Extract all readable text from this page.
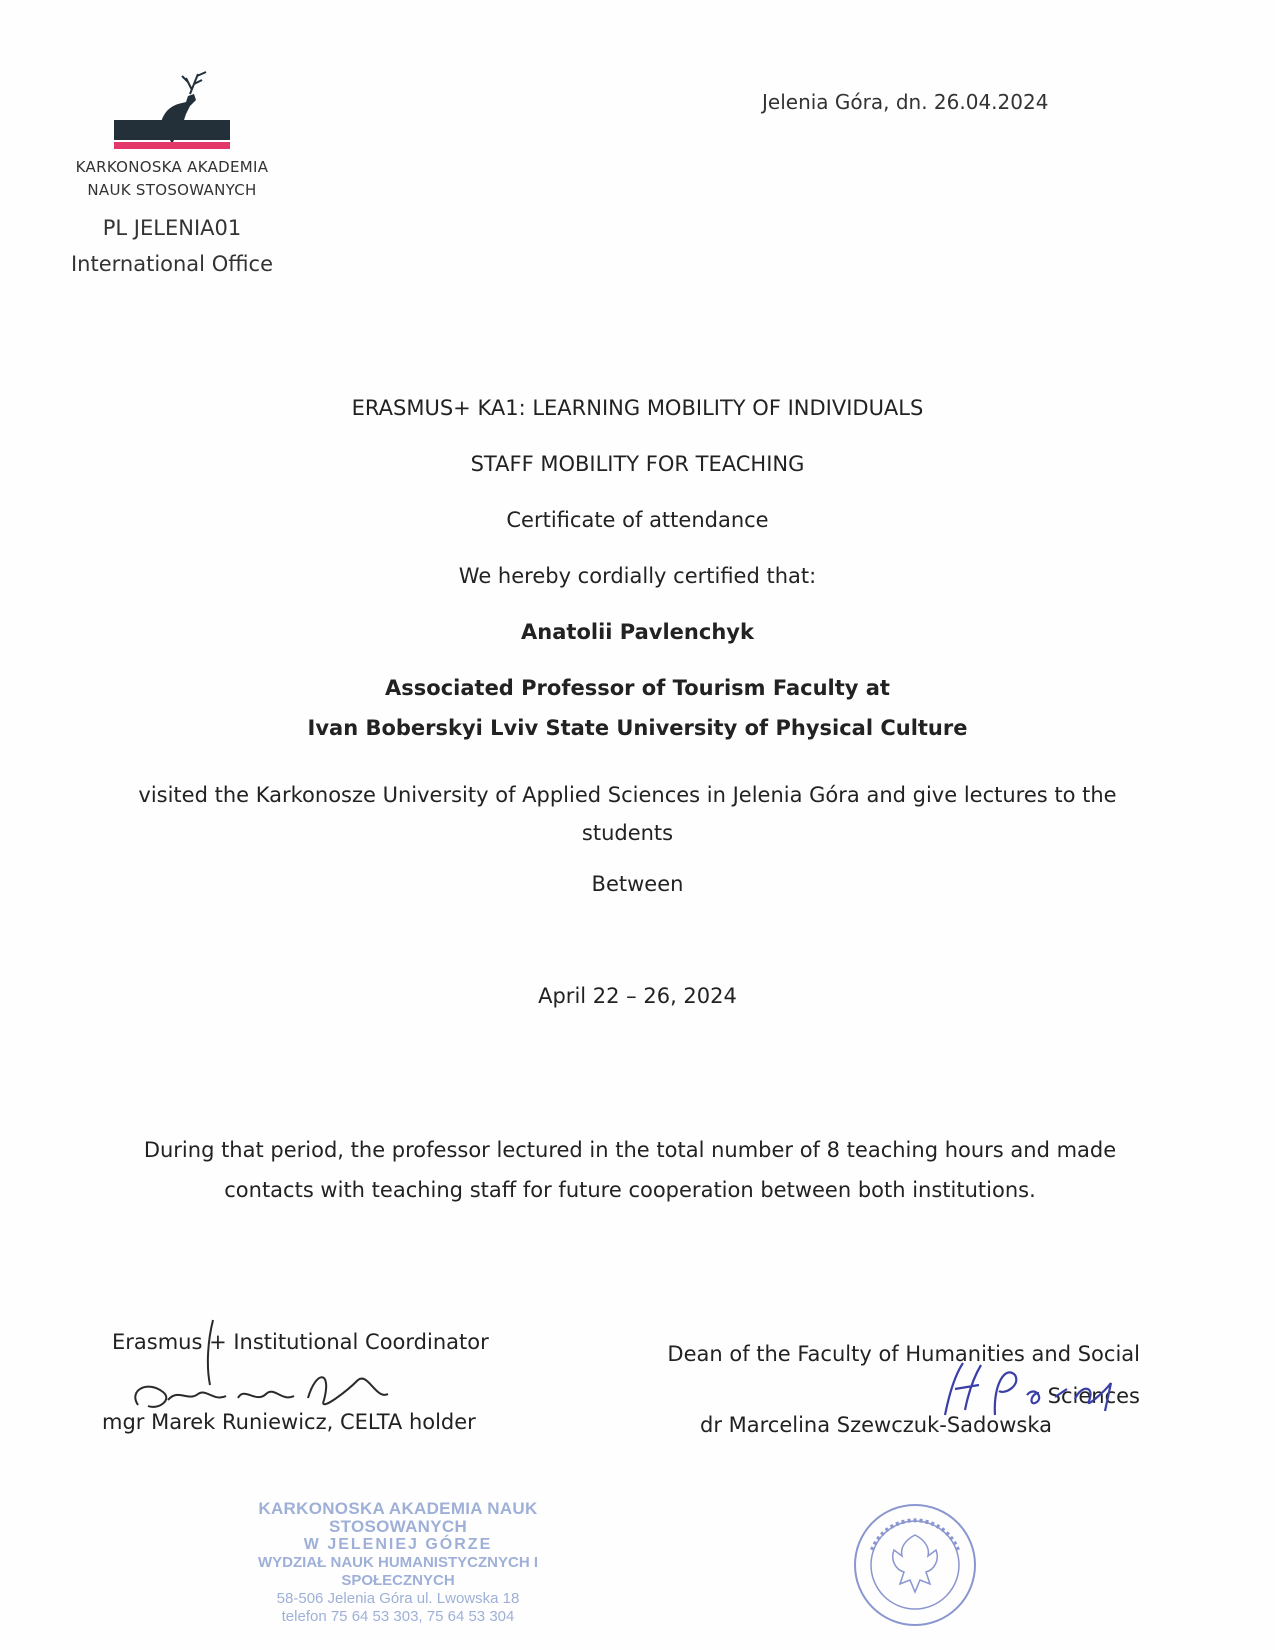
KARKONOSKA AKADEMIA
NAUK STOSOWANYCH
PL JELENIA01
International Office
Jelenia Góra, dn. 26.04.2024
ERASMUS+ KA1: LEARNING MOBILITY OF INDIVIDUALS
STAFF MOBILITY FOR TEACHING
Certificate of attendance
We hereby cordially certified that:
Anatolii Pavlenchyk
Associated Professor of Tourism Faculty at
Ivan Boberskyi Lviv State University of Physical Culture
visited the Karkonosze University of Applied Sciences in Jelenia Góra and give lectures to the students
Between
April 22 – 26, 2024
During that period, the professor lectured in the total number of 8 teaching hours and made contacts with teaching staff for future cooperation between both institutions.
Erasmus + Institutional Coordinator
mgr Marek Runiewicz, CELTA holder
Dean of the Faculty of Humanities and Social Sciences
dr Marcelina Szewczuk-Sadowska
KARKONOSKA AKADEMIA NAUK STOSOWANYCH
W JELENIEJ GÓRZE
WYDZIAŁ NAUK HUMANISTYCZNYCH I SPOŁECZNYCH
58-506 Jelenia Góra ul. Lwowska 18
telefon 75 64 53 303, 75 64 53 304
